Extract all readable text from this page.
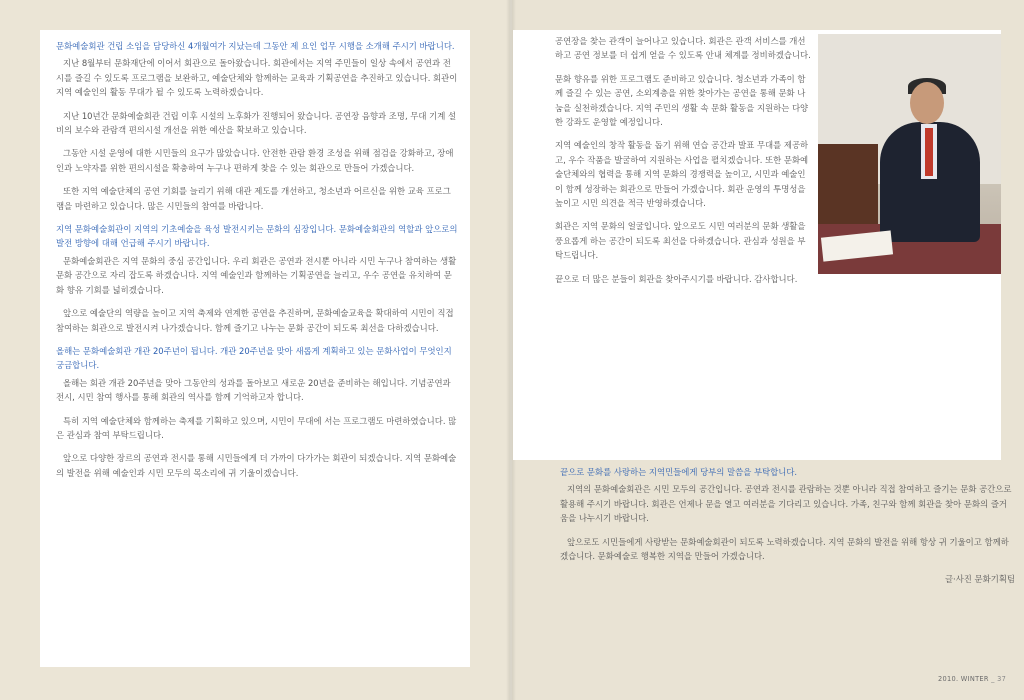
문화예술회관 건립 소임을 담당하신 4개월여가 지났는데 그동안 제 요인 업무 시행을 소개해 주시기 바랍니다.
지난 8월부터 문화재단에 이어서 회관으로 돌아왔습니다. 회관에서는 지역 주민들이 일상 속에서 공연과 전시를 즐길 수 있도록 프로그램을 보완하고, 예술단체와 함께하는 교육과 기획공연을 추진하고 있습니다. 회관이 지역 예술인의 활동 무대가 될 수 있도록 노력하겠습니다.
지난 10년간 문화예술회관 건립 이후 시설의 노후화가 진행되어 왔습니다. 공연장 음향과 조명, 무대 기계 설비의 보수와 관람객 편의시설 개선을 위한 예산을 확보하고 있습니다.
그동안 시설 운영에 대한 시민들의 요구가 많았습니다. 안전한 관람 환경 조성을 위해 점검을 강화하고, 장애인과 노약자를 위한 편의시설을 확충하여 누구나 편하게 찾을 수 있는 회관으로 만들어 가겠습니다.
또한 지역 예술단체의 공연 기회를 늘리기 위해 대관 제도를 개선하고, 청소년과 어르신을 위한 교육 프로그램을 마련하고 있습니다. 많은 시민들의 참여를 바랍니다.
지역 문화예술회관이 지역의 기초예술을 육성 발전시키는 문화의 심장입니다. 문화예술회관의 역할과 앞으로의 발전 방향에 대해 언급해 주시기 바랍니다.
문화예술회관은 지역 문화의 중심 공간입니다. 우리 회관은 공연과 전시뿐 아니라 시민 누구나 참여하는 생활문화 공간으로 자리 잡도록 하겠습니다. 지역 예술인과 함께하는 기획공연을 늘리고, 우수 공연을 유치하여 문화 향유 기회를 넓히겠습니다.
앞으로 예술단의 역량을 높이고 지역 축제와 연계한 공연을 추진하며, 문화예술교육을 확대하여 시민이 직접 참여하는 회관으로 발전시켜 나가겠습니다. 함께 즐기고 나누는 문화 공간이 되도록 최선을 다하겠습니다.
올해는 문화예술회관 개관 20주년이 됩니다. 개관 20주년을 맞아 새롭게 계획하고 있는 문화사업이 무엇인지 궁금합니다.
올해는 회관 개관 20주년을 맞아 그동안의 성과를 돌아보고 새로운 20년을 준비하는 해입니다. 기념공연과 전시, 시민 참여 행사를 통해 회관의 역사를 함께 기억하고자 합니다.
특히 지역 예술단체와 함께하는 축제를 기획하고 있으며, 시민이 무대에 서는 프로그램도 마련하였습니다. 많은 관심과 참여 부탁드립니다.
앞으로 다양한 장르의 공연과 전시를 통해 시민들에게 더 가까이 다가가는 회관이 되겠습니다. 지역 문화예술의 발전을 위해 예술인과 시민 모두의 목소리에 귀 기울이겠습니다.
공연장을 찾는 관객이 늘어나고 있습니다. 회관은 관객 서비스를 개선하고 공연 정보를 더 쉽게 얻을 수 있도록 안내 체계를 정비하겠습니다.
문화 향유를 위한 프로그램도 준비하고 있습니다. 청소년과 가족이 함께 즐길 수 있는 공연, 소외계층을 위한 찾아가는 공연을 통해 문화 나눔을 실천하겠습니다. 지역 주민의 생활 속 문화 활동을 지원하는 다양한 강좌도 운영할 예정입니다.
지역 예술인의 창작 활동을 돕기 위해 연습 공간과 발표 무대를 제공하고, 우수 작품을 발굴하여 지원하는 사업을 펼치겠습니다. 또한 문화예술단체와의 협력을 통해 지역 문화의 경쟁력을 높이고, 시민과 예술인이 함께 성장하는 회관으로 만들어 가겠습니다. 회관 운영의 투명성을 높이고 시민 의견을 적극 반영하겠습니다.
회관은 지역 문화의 얼굴입니다. 앞으로도 시민 여러분의 문화 생활을 풍요롭게 하는 공간이 되도록 최선을 다하겠습니다. 관심과 성원을 부탁드립니다.
끝으로 더 많은 분들이 회관을 찾아주시기를 바랍니다. 감사합니다.
끝으로 문화를 사랑하는 지역민들에게 당부의 말씀을 부탁합니다.
지역의 문화예술회관은 시민 모두의 공간입니다. 공연과 전시를 관람하는 것뿐 아니라 직접 참여하고 즐기는 문화 공간으로 활용해 주시기 바랍니다. 회관은 언제나 문을 열고 여러분을 기다리고 있습니다. 가족, 친구와 함께 회관을 찾아 문화의 즐거움을 나누시기 바랍니다.
앞으로도 시민들에게 사랑받는 문화예술회관이 되도록 노력하겠습니다. 지역 문화의 발전을 위해 항상 귀 기울이고 함께하겠습니다. 문화예술로 행복한 지역을 만들어 가겠습니다.
글·사진 문화기획팀
2010. WINTER _ 37
